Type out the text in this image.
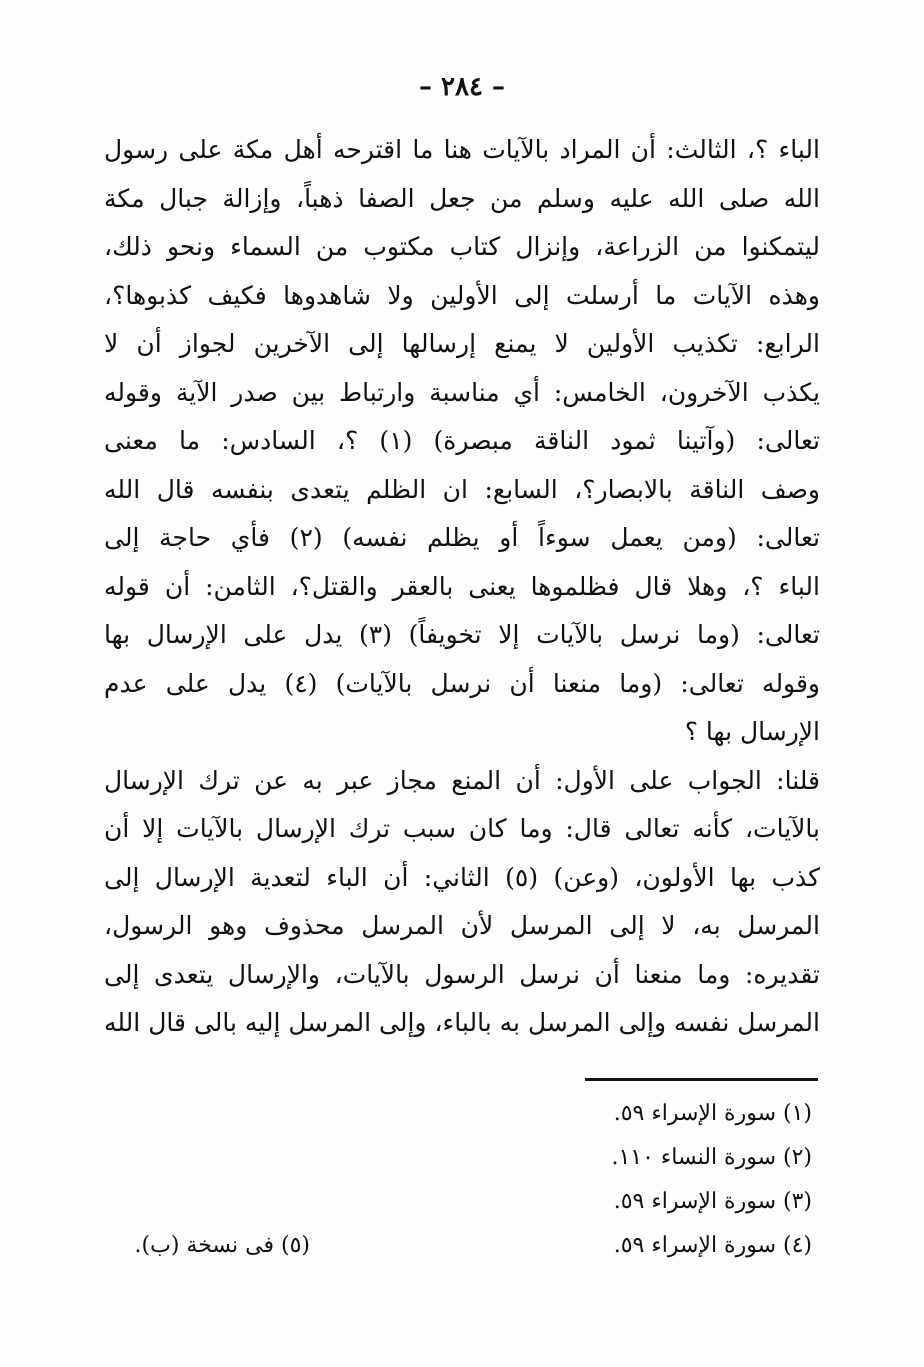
– ٢٨٤ –
الباء ؟، الثالث: أن المراد بالآيات هنا ما اقترحه أهل مكة على رسول
الله صلى الله عليه وسلم من جعل الصفا ذهباً، وإزالة جبال مكة
ليتمكنوا من الزراعة، وإنزال كتاب مكتوب من السماء ونحو ذلك،
وهذه الآيات ما أرسلت إلى الأولين ولا شاهدوها فكيف كذبوها؟،
الرابع: تكذيب الأولين لا يمنع إرسالها إلى الآخرين لجواز أن لا
يكذب الآخرون، الخامس: أي مناسبة وارتباط بين صدر الآية وقوله
تعالى: (وآتينا ثمود الناقة مبصرة) (١) ؟، السادس: ما معنى
وصف الناقة بالابصار؟، السابع: ان الظلم يتعدى بنفسه قال الله
تعالى: (ومن يعمل سوءاً أو يظلم نفسه) (٢) فأي حاجة إلى
الباء ؟، وهلا قال فظلموها يعنى بالعقر والقتل؟، الثامن: أن قوله
تعالى: (وما نرسل بالآيات إلا تخويفاً) (٣) يدل على الإرسال بها
وقوله تعالى: (وما منعنا أن نرسل بالآيات) (٤) يدل على عدم
الإرسال بها ؟
قلنا: الجواب على الأول: أن المنع مجاز عبر به عن ترك الإرسال
بالآيات، كأنه تعالى قال: وما كان سبب ترك الإرسال بالآيات إلا أن
كذب بها الأولون، (وعن) (٥) الثاني: أن الباء لتعدية الإرسال إلى
المرسل به، لا إلى المرسل لأن المرسل محذوف وهو الرسول،
تقديره: وما منعنا أن نرسل الرسول بالآيات، والإرسال يتعدى إلى
المرسل نفسه وإلى المرسل به بالباء، وإلى المرسل إليه بالى قال الله
(١) سورة الإسراء ٥٩.
(٢) سورة النساء ١١٠.
(٣) سورة الإسراء ٥٩.
(٤) سورة الإسراء ٥٩.
(٥) فى نسخة (ب).
